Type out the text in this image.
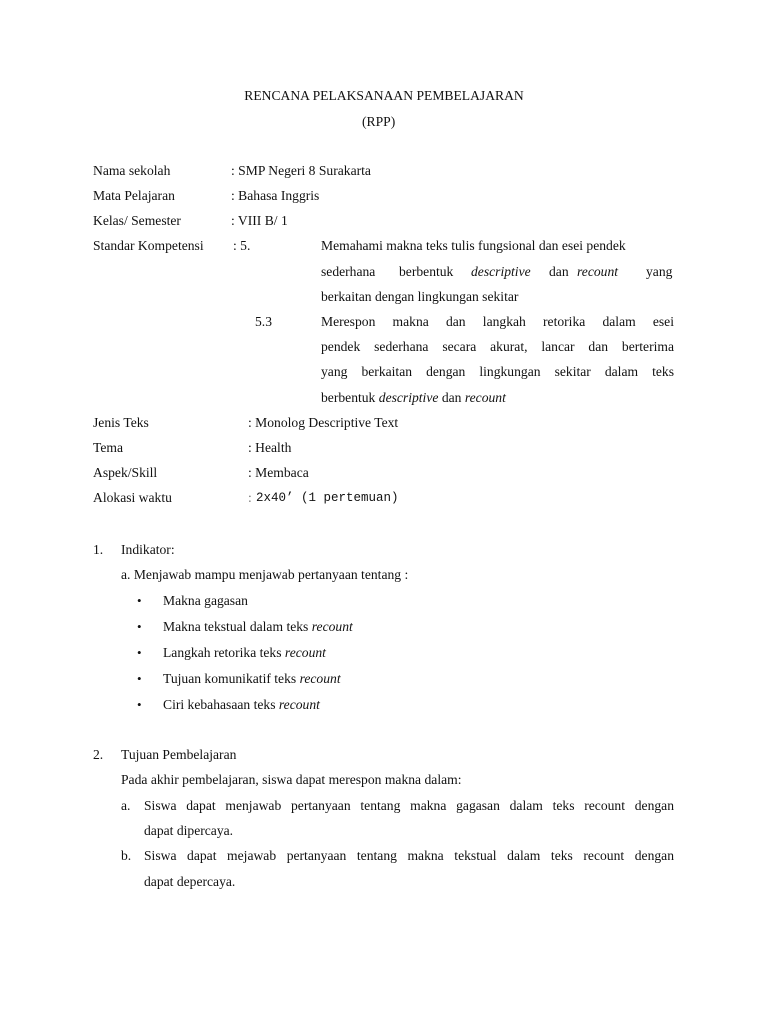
RENCANA PELAKSANAAN PEMBELAJARAN
(RPP)
Nama sekolah	: SMP Negeri 8 Surakarta
Mata Pelajaran	: Bahasa Inggris
Kelas/ Semester	: VIII B/ 1
Standar Kompetensi : 5.	Memahami makna teks tulis fungsional dan esei pendek
sederhana berbentuk descriptive dan recount yang
berkaitan dengan lingkungan sekitar
5.3	Merespon makna dan langkah retorika dalam esei
pendek sederhana secara akurat, lancar dan berterima
yang berkaitan dengan lingkungan sekitar dalam teks
berbentuk descriptive dan recount
Jenis Teks	: Monolog Descriptive Text
Tema	: Health
Aspek/Skill	: Membaca
Alokasi waktu	: 2x40’ (1 pertemuan)
1. Indikator:
a. Menjawab mampu menjawab pertanyaan tentang :
• Makna gagasan
• Makna tekstual dalam teks recount
• Langkah retorika teks recount
• Tujuan komunikatif teks recount
• Ciri kebahasaan teks recount
2. Tujuan Pembelajaran
Pada akhir pembelajaran, siswa dapat merespon makna dalam:
a. Siswa dapat menjawab pertanyaan tentang makna gagasan dalam teks recount dengan
dapat dipercaya.
b. Siswa dapat mejawab pertanyaan tentang makna tekstual dalam teks recount dengan
dapat depercaya.
